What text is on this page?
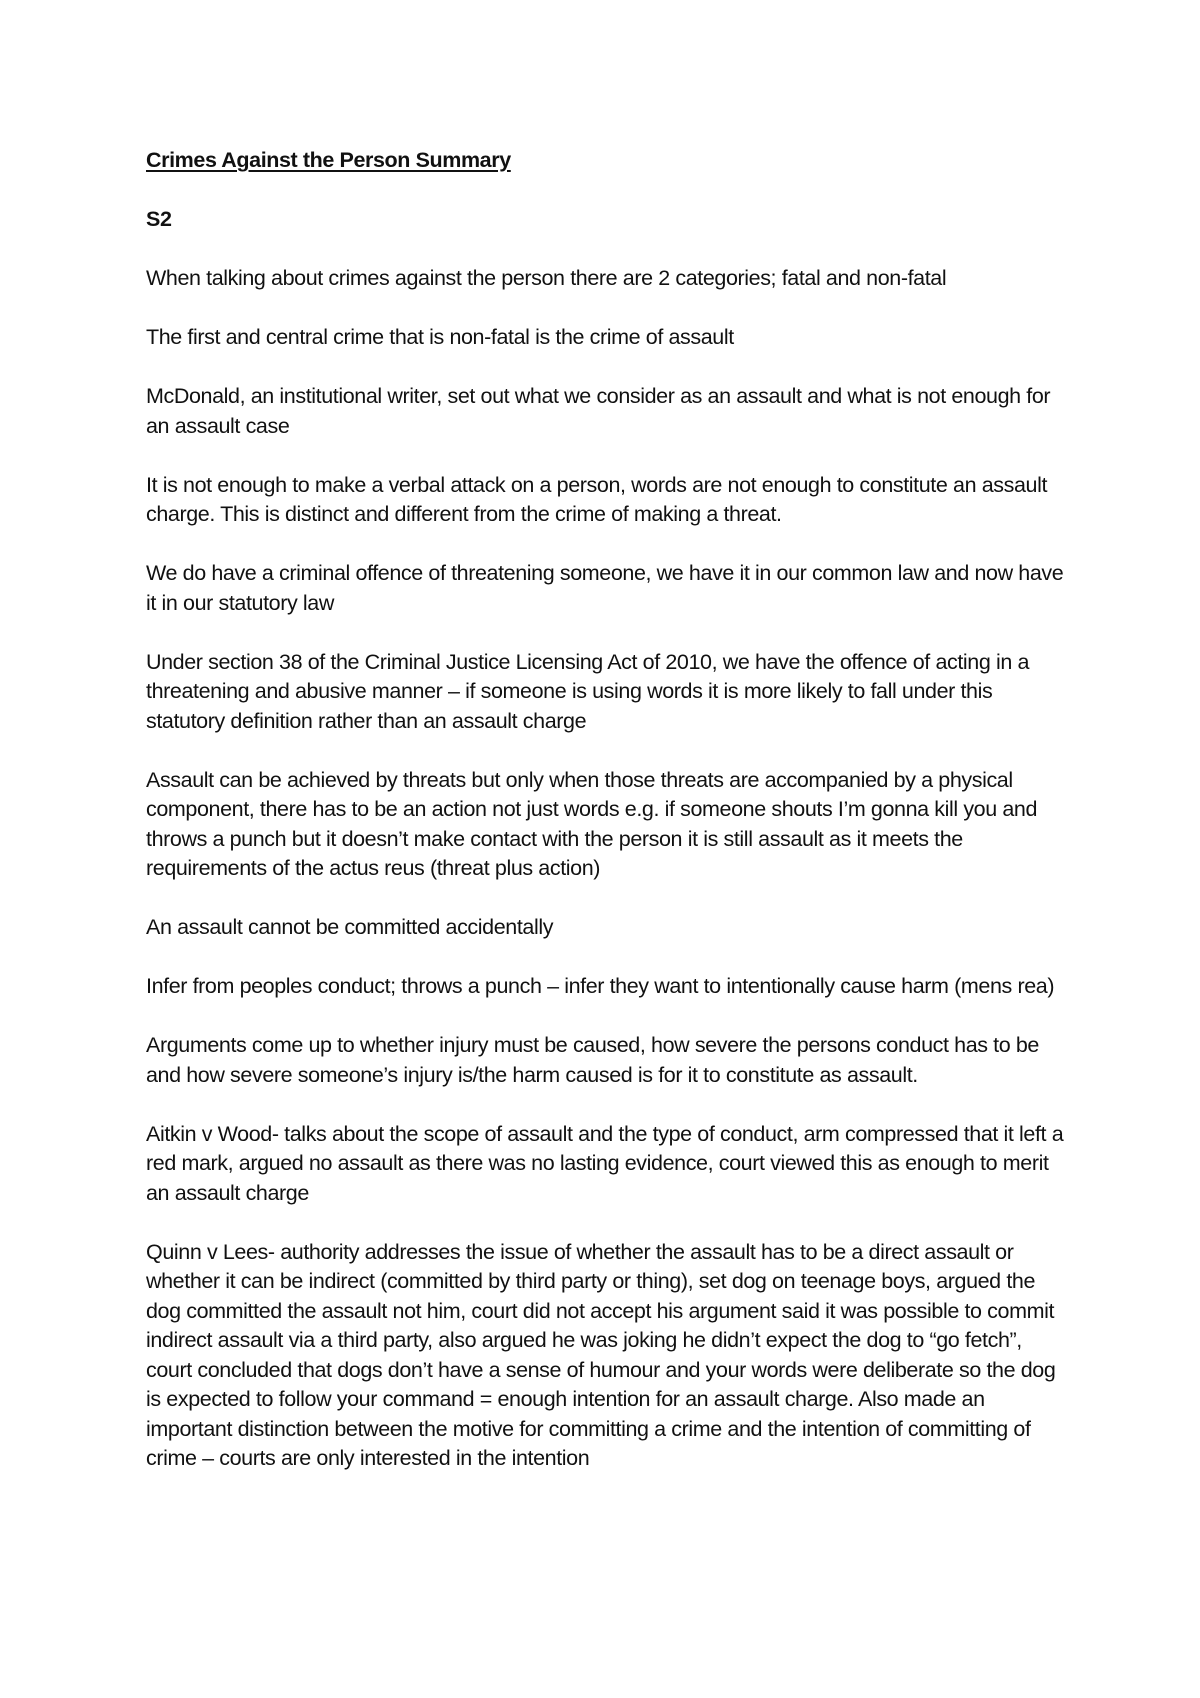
Crimes Against the Person Summary

S2

When talking about crimes against the person there are 2 categories; fatal and non-fatal

The first and central crime that is non-fatal is the crime of assault

McDonald, an institutional writer, set out what we consider as an assault and what is not enough for an assault case

It is not enough to make a verbal attack on a person, words are not enough to constitute an assault charge. This is distinct and different from the crime of making a threat.

We do have a criminal offence of threatening someone, we have it in our common law and now have it in our statutory law

Under section 38 of the Criminal Justice Licensing Act of 2010, we have the offence of acting in a threatening and abusive manner – if someone is using words it is more likely to fall under this statutory definition rather than an assault charge

Assault can be achieved by threats but only when those threats are accompanied by a physical component, there has to be an action not just words e.g. if someone shouts I’m gonna kill you and throws a punch but it doesn’t make contact with the person it is still assault as it meets the requirements of the actus reus (threat plus action)

An assault cannot be committed accidentally

Infer from peoples conduct; throws a punch – infer they want to intentionally cause harm (mens rea)

Arguments come up to whether injury must be caused, how severe the persons conduct has to be and how severe someone’s injury is/the harm caused is for it to constitute as assault.

Aitkin v Wood- talks about the scope of assault and the type of conduct, arm compressed that it left a red mark, argued no assault as there was no lasting evidence, court viewed this as enough to merit an assault charge

Quinn v Lees- authority addresses the issue of whether the assault has to be a direct assault or whether it can be indirect (committed by third party or thing), set dog on teenage boys, argued the dog committed the assault not him, court did not accept his argument said it was possible to commit indirect assault via a third party, also argued he was joking he didn’t expect the dog to “go fetch”, court concluded that dogs don’t have a sense of humour and your words were deliberate so the dog is expected to follow your command = enough intention for an assault charge. Also made an important distinction between the motive for committing a crime and the intention of committing of crime – courts are only interested in the intention
